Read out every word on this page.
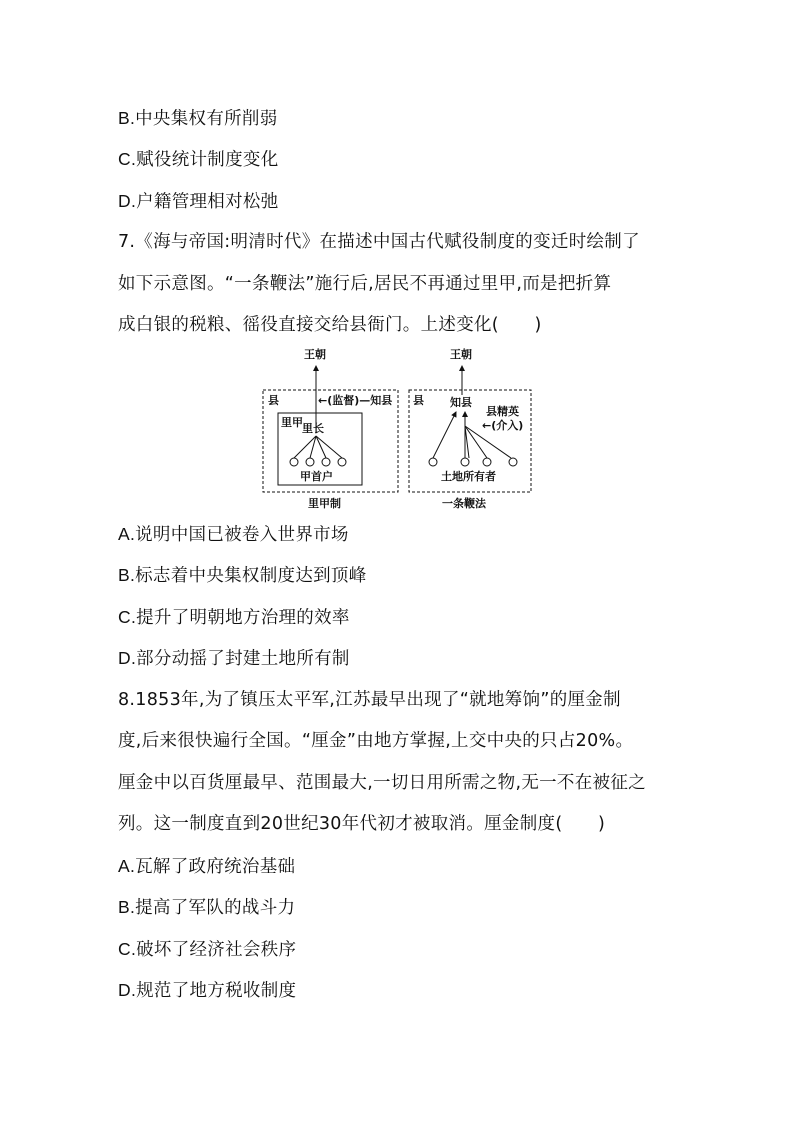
B.中央集权有所削弱
C.赋役统计制度变化
D.户籍管理相对松弛
7.《海与帝国:明清时代》在描述中国古代赋役制度的变迁时绘制了
如下示意图。“一条鞭法”施行后,居民不再通过里甲,而是把折算
成白银的税粮、徭役直接交给县衙门。上述变化(　　)
王朝
县	←(监督)—知县
里甲 里长
甲首户
里甲制
王朝
县 知县
县精英
←(介入)
土地所有者
一条鞭法
A.说明中国已被卷入世界市场
B.标志着中央集权制度达到顶峰
C.提升了明朝地方治理的效率
D.部分动摇了封建土地所有制
8.1853年,为了镇压太平军,江苏最早出现了“就地筹饷”的厘金制
度,后来很快遍行全国。“厘金”由地方掌握,上交中央的只占20%。
厘金中以百货厘最早、范围最大,一切日用所需之物,无一不在被征之
列。这一制度直到20世纪30年代初才被取消。厘金制度(　　)
A.瓦解了政府统治基础
B.提高了军队的战斗力
C.破坏了经济社会秩序
D.规范了地方税收制度
